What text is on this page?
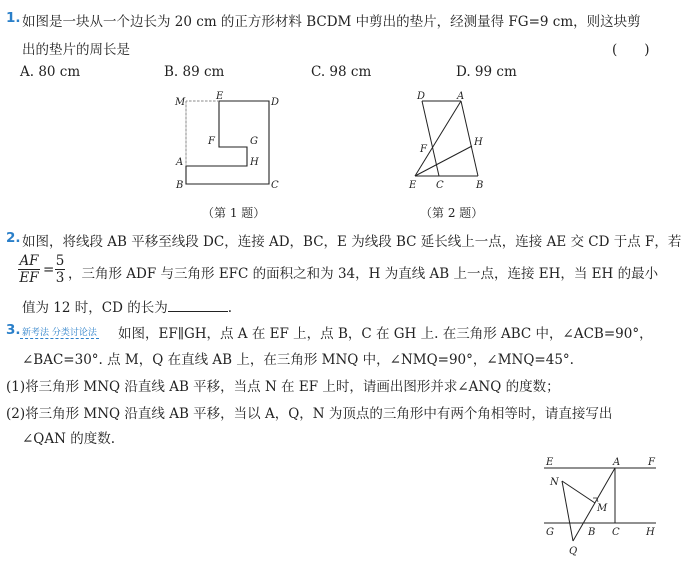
1. 如图是一块从一个边长为 20 cm 的正方形材料 BCDM 中剪出的垫片，经测量得 FG=9 cm，则这块剪
出的垫片的周长是	(　　)
A. 80 cm	B. 89 cm	C. 98 cm	D. 99 cm
M
E
D
F	G
A	H
B	C
（第 1 题）
D	A
F
H
E C	B
（第 2 题）
2. 如图，将线段 AB 平移至线段 DC，连接 AD，BC，E 为线段 BC 延长线上一点，连接 AE 交 CD 于点 F，若
$\frac{AF}{EF} = \frac{5}{3}$ ，三角形 ADF 与三角形 EFC 的面积之和为 34，H 为直线 AB 上一点，连接 EH，当 EH 的最小
值为 12 时，CD 的长为	.
3. 新考法 分类讨论法 如图，EF∥GH，点 A 在 EF 上，点 B，C 在 GH 上. 在三角形 ABC 中，∠ACB=90°，
∠BAC=30°. 点 M，Q 在直线 AB 上，在三角形 MNQ 中，∠NMQ=90°，∠MNQ=45°.
(1)将三角形 MNQ 沿直线 AB 平移，当点 N 在 EF 上时，请画出图形并求∠ANQ 的度数；
(2)将三角形 MNQ 沿直线 AB 平移，当以 A，Q，N 为顶点的三角形中有两个角相等时，请直接写出
∠QAN 的度数.
E	A	F
N
M
G	B C	H
Q
